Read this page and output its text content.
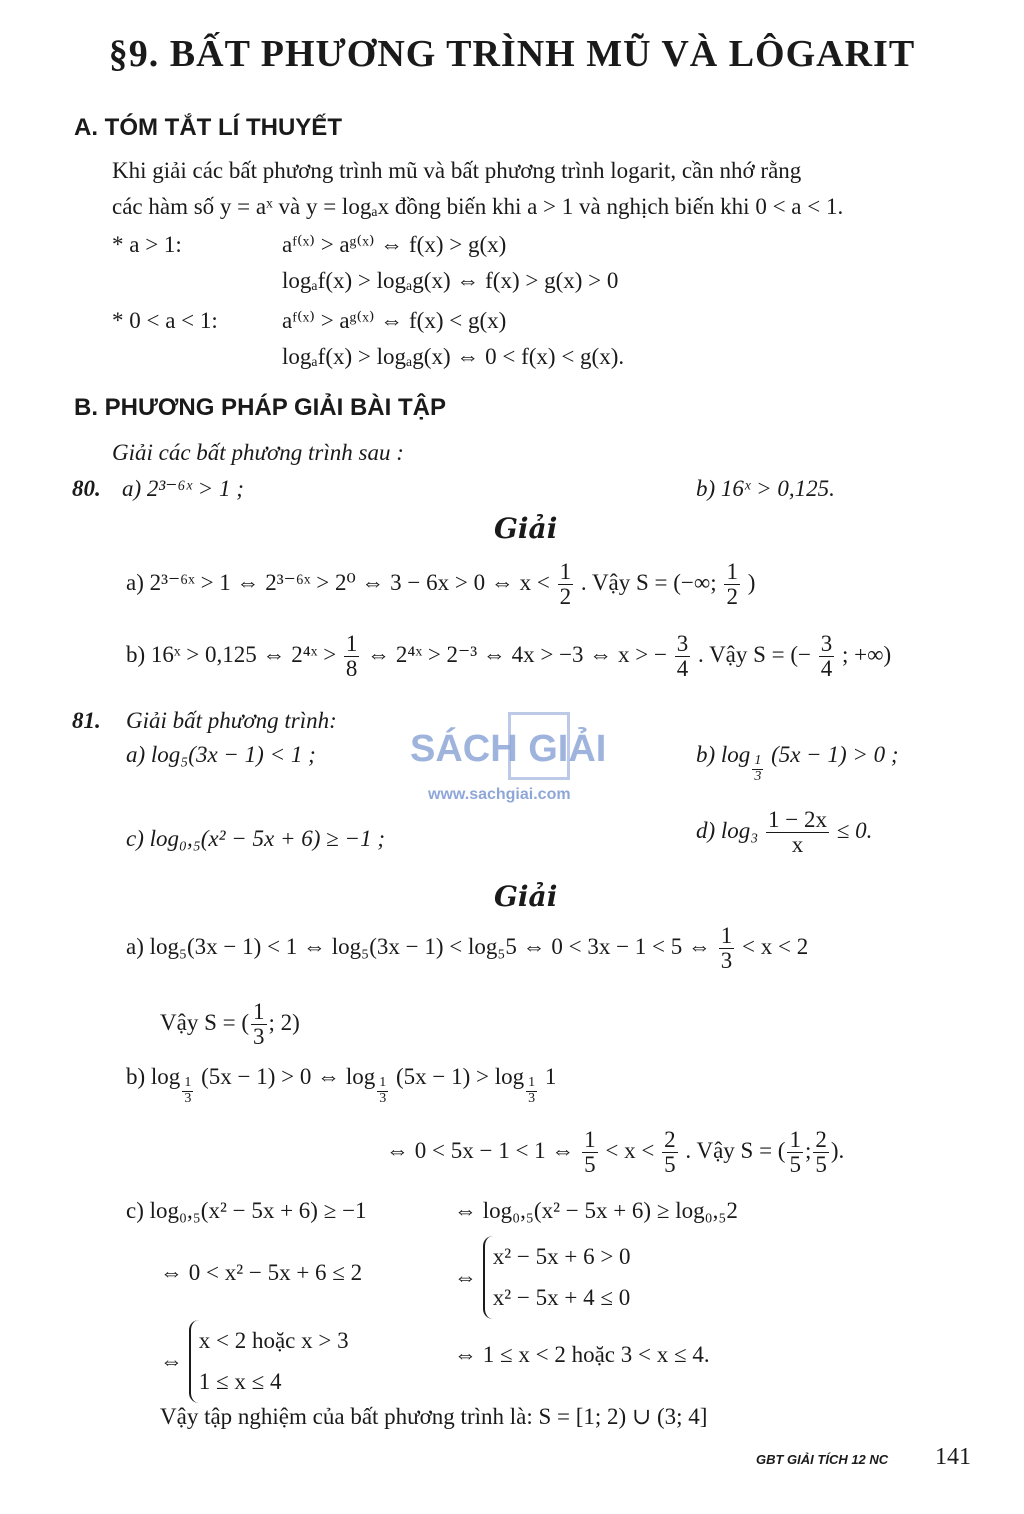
§9. BẤT PHƯƠNG TRÌNH MŨ VÀ LÔGARIT
A. TÓM TẮT LÍ THUYẾT
Khi giải các bất phương trình mũ và bất phương trình logarit, cần nhớ rằng
các hàm số y = aˣ và y = logₐx đồng biến khi a > 1 và nghịch biến khi 0 < a < 1.
* a > 1:	aᶠ⁽ˣ⁾ > aᵍ⁽ˣ⁾ ⇔ f(x) > g(x)
logₐf(x) > logₐg(x) ⇔ f(x) > g(x) > 0
* 0 < a < 1:	aᶠ⁽ˣ⁾ > aᵍ⁽ˣ⁾ ⇔ f(x) < g(x)
logₐf(x) > logₐg(x) ⇔ 0 < f(x) < g(x).
B. PHƯƠNG PHÁP GIẢI BÀI TẬP
Giải các bất phương trình sau :
80. a) 2³⁻⁶ˣ > 1 ;	b) 16ˣ > 0,125.
Giải
a) 2³⁻⁶ˣ > 1 ⇔ 2³⁻⁶ˣ > 2⁰ ⇔ 3 − 6x > 0 ⇔ $x < \frac{1}{2}$ . Vậy S = (−∞; $\frac{1}{2}$ )
b) 16ˣ > 0,125 ⇔ 2⁴ˣ > $\frac{1}{8}$ ⇔ 2⁴ˣ > 2⁻³ ⇔ 4x > −3 ⇔ x > − $\frac{3}{4}$ . Vậy S = (− $\frac{3}{4}$ ; +∞)
81. Giải bất phương trình:
a) log₅(3x − 1) < 1 ;	b) $\log \frac{1}{3} (5x - 1) > 0$ ;
c) log₀,₅(x² − 5x + 6) ≥ −1 ;	d) $\log_3 \frac{1 - 2x}{x} \le 0$.
Giải
a) log₅(3x − 1) < 1 ⇔ log₅(3x − 1) < log₅5 ⇔ 0 < 3x − 1 < 5 ⇔ $\frac{1}{3} < x < 2$
Vậy S = ( $\frac{1}{3}$ ; 2)
b) $\log \frac{1}{3} (5x - 1) > 0$ ⇔ $\log \frac{1}{3} (5x - 1) > \log \frac{1}{3} 1$
⇔ 0 < 5x − 1 < 1 ⇔ $\frac{1}{5} < x < \frac{2}{5}$ . Vậy S = ( $\frac{1}{5}$ ; $\frac{2}{5}$ ).
c) log₀,₅(x² − 5x + 6) ≥ −1	⇔ log₀,₅(x² − 5x + 6) ≥ log₀,₅2
⇔ 0 < x² − 5x + 6 ≤ 2	⇔
x² − 5x + 6 > 0
x² − 5x + 4 ≤ 0
⇔
x < 2 hoặc x > 3
1 ≤ x ≤ 4
⇔ 1 ≤ x < 2 hoặc 3 < x ≤ 4.
Vậy tập nghiệm của bất phương trình là: S = [1; 2) ∪ (3; 4]
SÁCH GIẢI
www.sachgiai.com
GBT GIẢI TÍCH 12 NC 141
